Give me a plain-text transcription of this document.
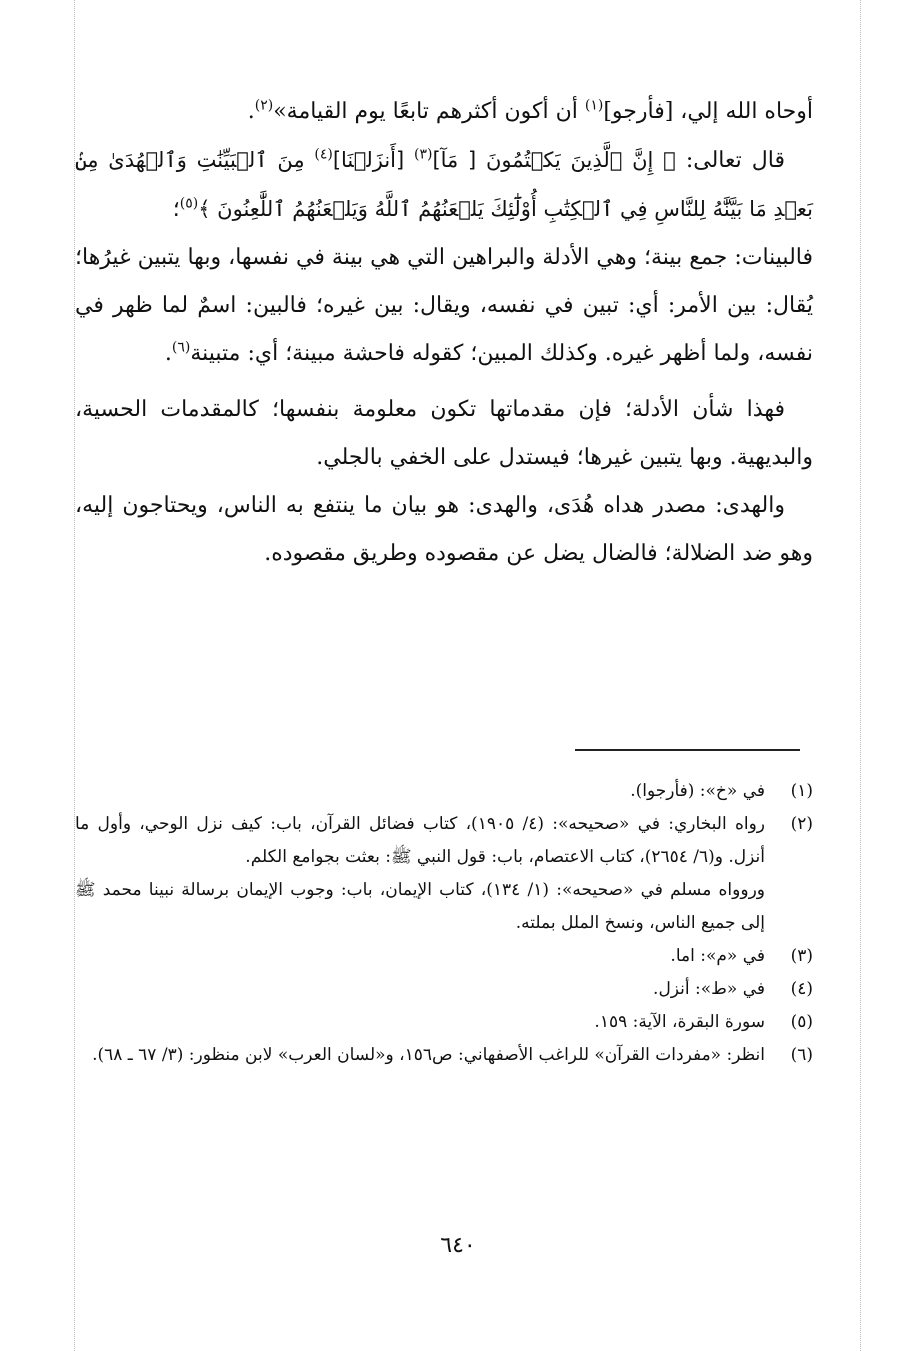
أوحاه الله إلي، [فأرجو]$^{(١)}$ أن أكون أكثرهم تابعًا يوم القيامة»$^{(٢)}$.

قال تعالى: ﴿ إِنَّ ٱلَّذِينَ يَكۡتُمُونَ [ مَآ]$^{(٣)}$ [أَنزَلۡنَا]$^{(٤)}$ مِنَ ٱلۡبَيِّنَٰتِ وَٱلۡهُدَىٰ مِنۢ بَعۡدِ مَا بَيَّنَّٰهُ لِلنَّاسِ فِي ٱلۡكِتَٰبِ أُوْلَٰٓئِكَ يَلۡعَنُهُمُ ٱللَّهُ وَيَلۡعَنُهُمُ ٱللَّٰعِنُونَ ﴾$^{(٥)}$؛

فالبينات: جمع بينة؛ وهي الأدلة والبراهين التي هي بينة في نفسها، وبها يتبين غيرُها؛ يُقال: بين الأمر: أي: تبين في نفسه، ويقال: بين غيره؛ فالبين: اسمٌ لما ظهر في نفسه، ولما أظهر غيره. وكذلك المبين؛ كقوله فاحشة مبينة؛ أي: متبينة$^{(٦)}$.

فهذا شأن الأدلة؛ فإن مقدماتها تكون معلومة بنفسها؛ كالمقدمات الحسية، والبديهية. وبها يتبين غيرها؛ فيستدل على الخفي بالجلي.

والهدى: مصدر هداه هُدَى، والهدى: هو بيان ما ينتفع به الناس، ويحتاجون إليه، وهو ضد الضلالة؛ فالضال يضل عن مقصوده وطريق مقصوده.

(١)
في «خ»: (فأرجوا).
(٢)
رواه البخاري: في «صحيحه»: (٤/ ١٩٠٥)، كتاب فضائل القرآن، باب: كيف نزل الوحي، وأول ما أنزل. و(٦/ ٢٦٥٤)، كتاب الاعتصام، باب: قول النبي ﷺ: بعثت بجوامع الكلم.
وروواه مسلم في «صحيحه»: (١/ ١٣٤)، كتاب الإيمان، باب: وجوب الإيمان برسالة نبينا محمد ﷺ إلى جميع الناس، ونسخ الملل بملته.
(٣)
في «م»: اما.
(٤)
في «ط»: أنزل.
(٥)
سورة البقرة، الآية: ١٥٩.
(٦)
انظر: «مفردات القرآن» للراغب الأصفهاني: ص١٥٦، و«لسان العرب» لابن منظور: (٣/ ٦٧ ـ ٦٨).
٦٤٠
